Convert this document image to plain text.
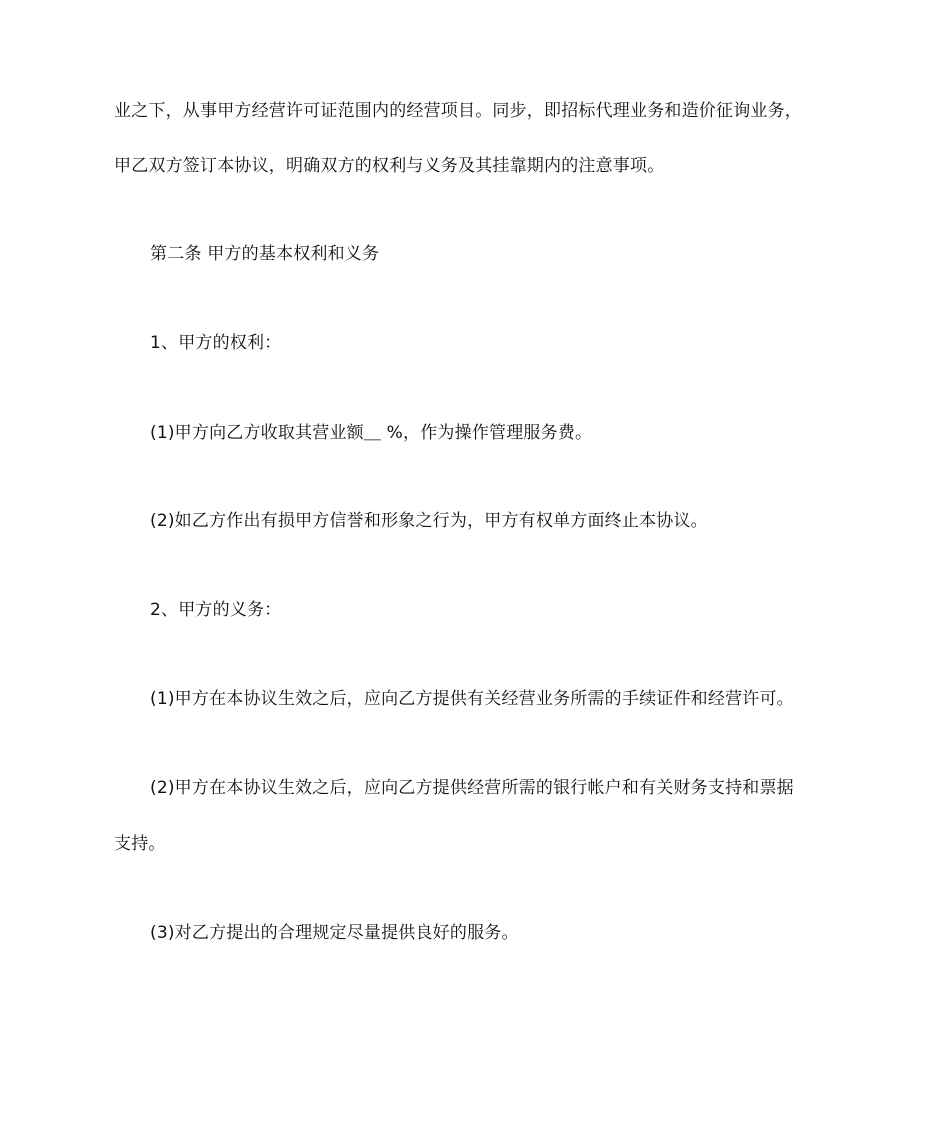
业之下，从事甲方经营许可证范围内的经营项目。同步，即招标代理业务和造价征询业务，
甲乙双方签订本协议，明确双方的权利与义务及其挂靠期内的注意事项。
第二条 甲方的基本权利和义务
1、甲方的权利：
(1)甲方向乙方收取其营业额＿ %，作为操作管理服务费。
(2)如乙方作出有损甲方信誉和形象之行为，甲方有权单方面终止本协议。
2、甲方的义务：
(1)甲方在本协议生效之后，应向乙方提供有关经营业务所需的手续证件和经营许可。
(2)甲方在本协议生效之后，应向乙方提供经营所需的银行帐户和有关财务支持和票据
支持。
(3)对乙方提出的合理规定尽量提供良好的服务。
